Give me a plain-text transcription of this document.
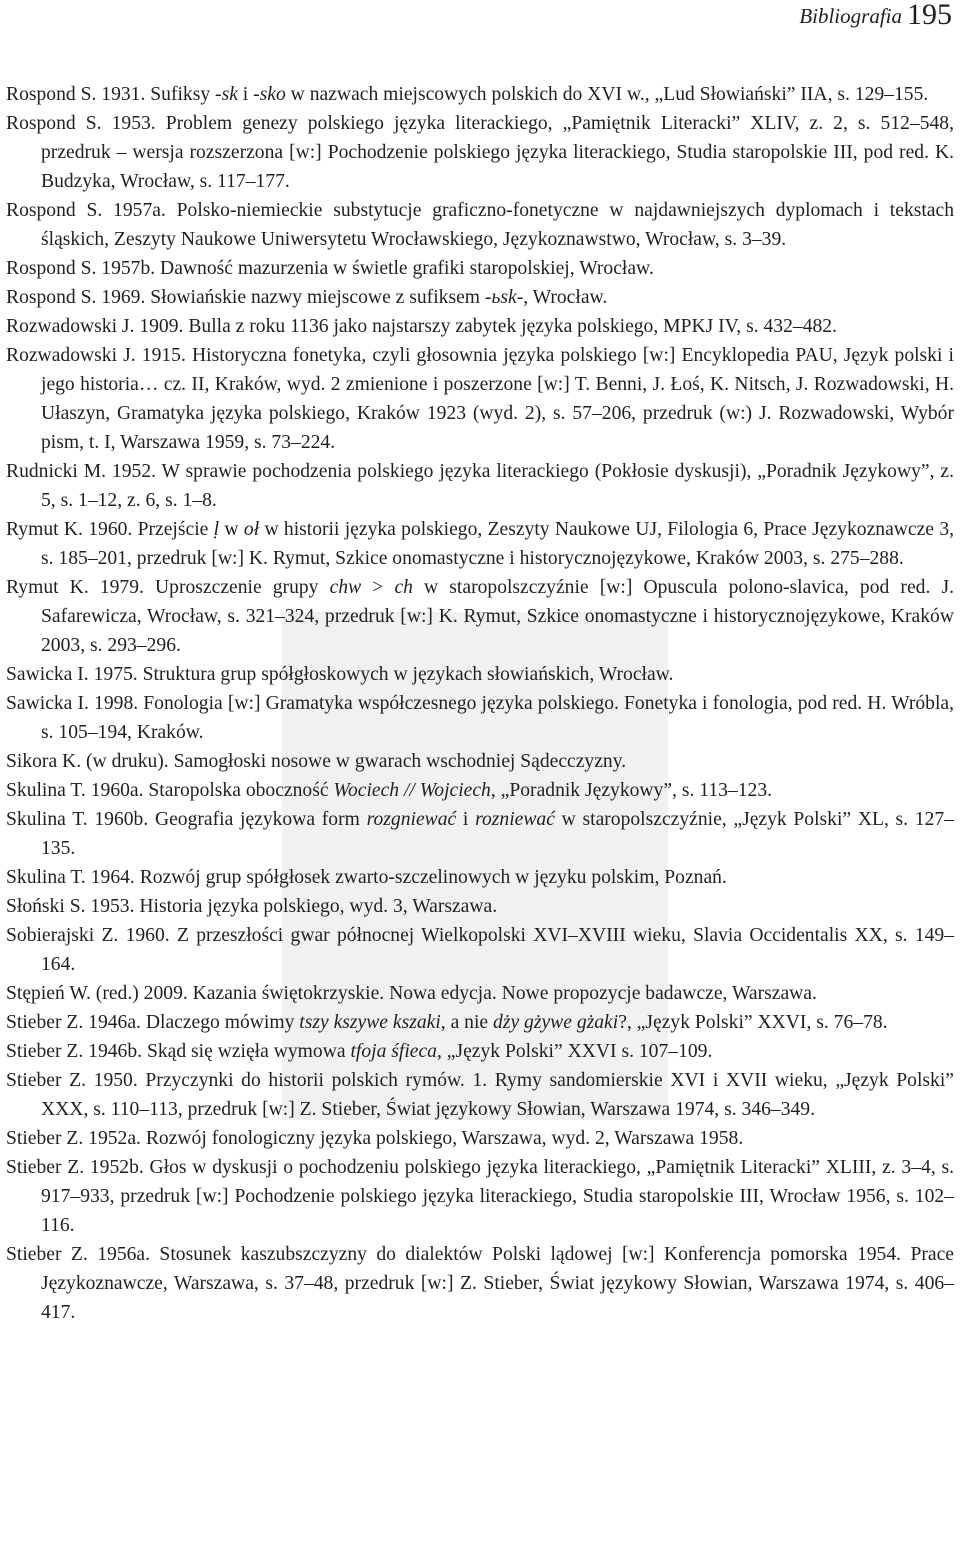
Bibliografia 195

Rospond S. 1931. Sufiksy -sk i -sko w nazwach miejscowych polskich do XVI w., „Lud Słowiański” IIA, s. 129–155.

Rospond S. 1953. Problem genezy polskiego języka literackiego, „Pamiętnik Literacki” XLIV, z. 2, s. 512–548, przedruk – wersja rozszerzona [w:] Pochodzenie polskiego języka literackiego, Studia staropolskie III, pod red. K. Budzyka, Wrocław, s. 117–177.

Rospond S. 1957a. Polsko-niemieckie substytucje graficzno-fonetyczne w najdawniejszych dyplomach i tekstach śląskich, Zeszyty Naukowe Uniwersytetu Wrocławskiego, Językoznawstwo, Wrocław, s. 3–39.

Rospond S. 1957b. Dawność mazurzenia w świetle grafiki staropolskiej, Wrocław.

Rospond S. 1969. Słowiańskie nazwy miejscowe z sufiksem -ьsk-, Wrocław.

Rozwadowski J. 1909. Bulla z roku 1136 jako najstarszy zabytek języka polskiego, MPKJ IV, s. 432–482.

Rozwadowski J. 1915. Historyczna fonetyka, czyli głosownia języka polskiego [w:] Encyklopedia PAU, Język polski i jego historia… cz. II, Kraków, wyd. 2 zmienione i poszerzone [w:] T. Benni, J. Łoś, K. Nitsch, J. Rozwadowski, H. Ułaszyn, Gramatyka języka polskiego, Kraków 1923 (wyd. 2), s. 57–206, przedruk (w:) J. Rozwadowski, Wybór pism, t. I, Warszawa 1959, s. 73–224.

Rudnicki M. 1952. W sprawie pochodzenia polskiego języka literackiego (Pokłosie dyskusji), „Poradnik Językowy”, z. 5, s. 1–12, z. 6, s. 1–8.

Rymut K. 1960. Przejście ḷ w oł w historii języka polskiego, Zeszyty Naukowe UJ, Filologia 6, Prace Językoznawcze 3, s. 185–201, przedruk [w:] K. Rymut, Szkice onomastyczne i historycznojęzykowe, Kraków 2003, s. 275–288.

Rymut K. 1979. Uproszczenie grupy chw > ch w staropolszczyźnie [w:] Opuscula polono-slavica, pod red. J. Safarewicza, Wrocław, s. 321–324, przedruk [w:] K. Rymut, Szkice onomastyczne i historycznojęzykowe, Kraków 2003, s. 293–296.

Sawicka I. 1975. Struktura grup spółgłoskowych w językach słowiańskich, Wrocław.

Sawicka I. 1998. Fonologia [w:] Gramatyka współczesnego języka polskiego. Fonetyka i fonologia, pod red. H. Wróbla, s. 105–194, Kraków.

Sikora K. (w druku). Samogłoski nosowe w gwarach wschodniej Sądecczyzny.

Skulina T. 1960a. Staropolska oboczność Wociech // Wojciech, „Poradnik Językowy”, s. 113–123.

Skulina T. 1960b. Geografia językowa form rozgniewać i rozniewać w staropolszczyźnie, „Język Polski” XL, s. 127–135.

Skulina T. 1964. Rozwój grup spółgłosek zwarto-szczelinowych w języku polskim, Poznań.

Słoński S. 1953. Historia języka polskiego, wyd. 3, Warszawa.

Sobierajski Z. 1960. Z przeszłości gwar północnej Wielkopolski XVI–XVIII wieku, Slavia Occidentalis XX, s. 149–164.

Stępień W. (red.) 2009. Kazania świętokrzyskie. Nowa edycja. Nowe propozycje badawcze, Warszawa.

Stieber Z. 1946a. Dlaczego mówimy tszy kszywe kszaki, a nie dży gżywe gżaki?, „Język Polski” XXVI, s. 76–78.

Stieber Z. 1946b. Skąd się wzięła wymowa tfoja śfieca, „Język Polski” XXVI s. 107–109.

Stieber Z. 1950. Przyczynki do historii polskich rymów. 1. Rymy sandomierskie XVI i XVII wieku, „Język Polski” XXX, s. 110–113, przedruk [w:] Z. Stieber, Świat językowy Słowian, Warszawa 1974, s. 346–349.

Stieber Z. 1952a. Rozwój fonologiczny języka polskiego, Warszawa, wyd. 2, Warszawa 1958.

Stieber Z. 1952b. Głos w dyskusji o pochodzeniu polskiego języka literackiego, „Pamiętnik Literacki” XLIII, z. 3–4, s. 917–933, przedruk [w:] Pochodzenie polskiego języka literackiego, Studia staropolskie III, Wrocław 1956, s. 102–116.

Stieber Z. 1956a. Stosunek kaszubszczyzny do dialektów Polski lądowej [w:] Konferencja pomorska 1954. Prace Językoznawcze, Warszawa, s. 37–48, przedruk [w:] Z. Stieber, Świat językowy Słowian, Warszawa 1974, s. 406–417.
